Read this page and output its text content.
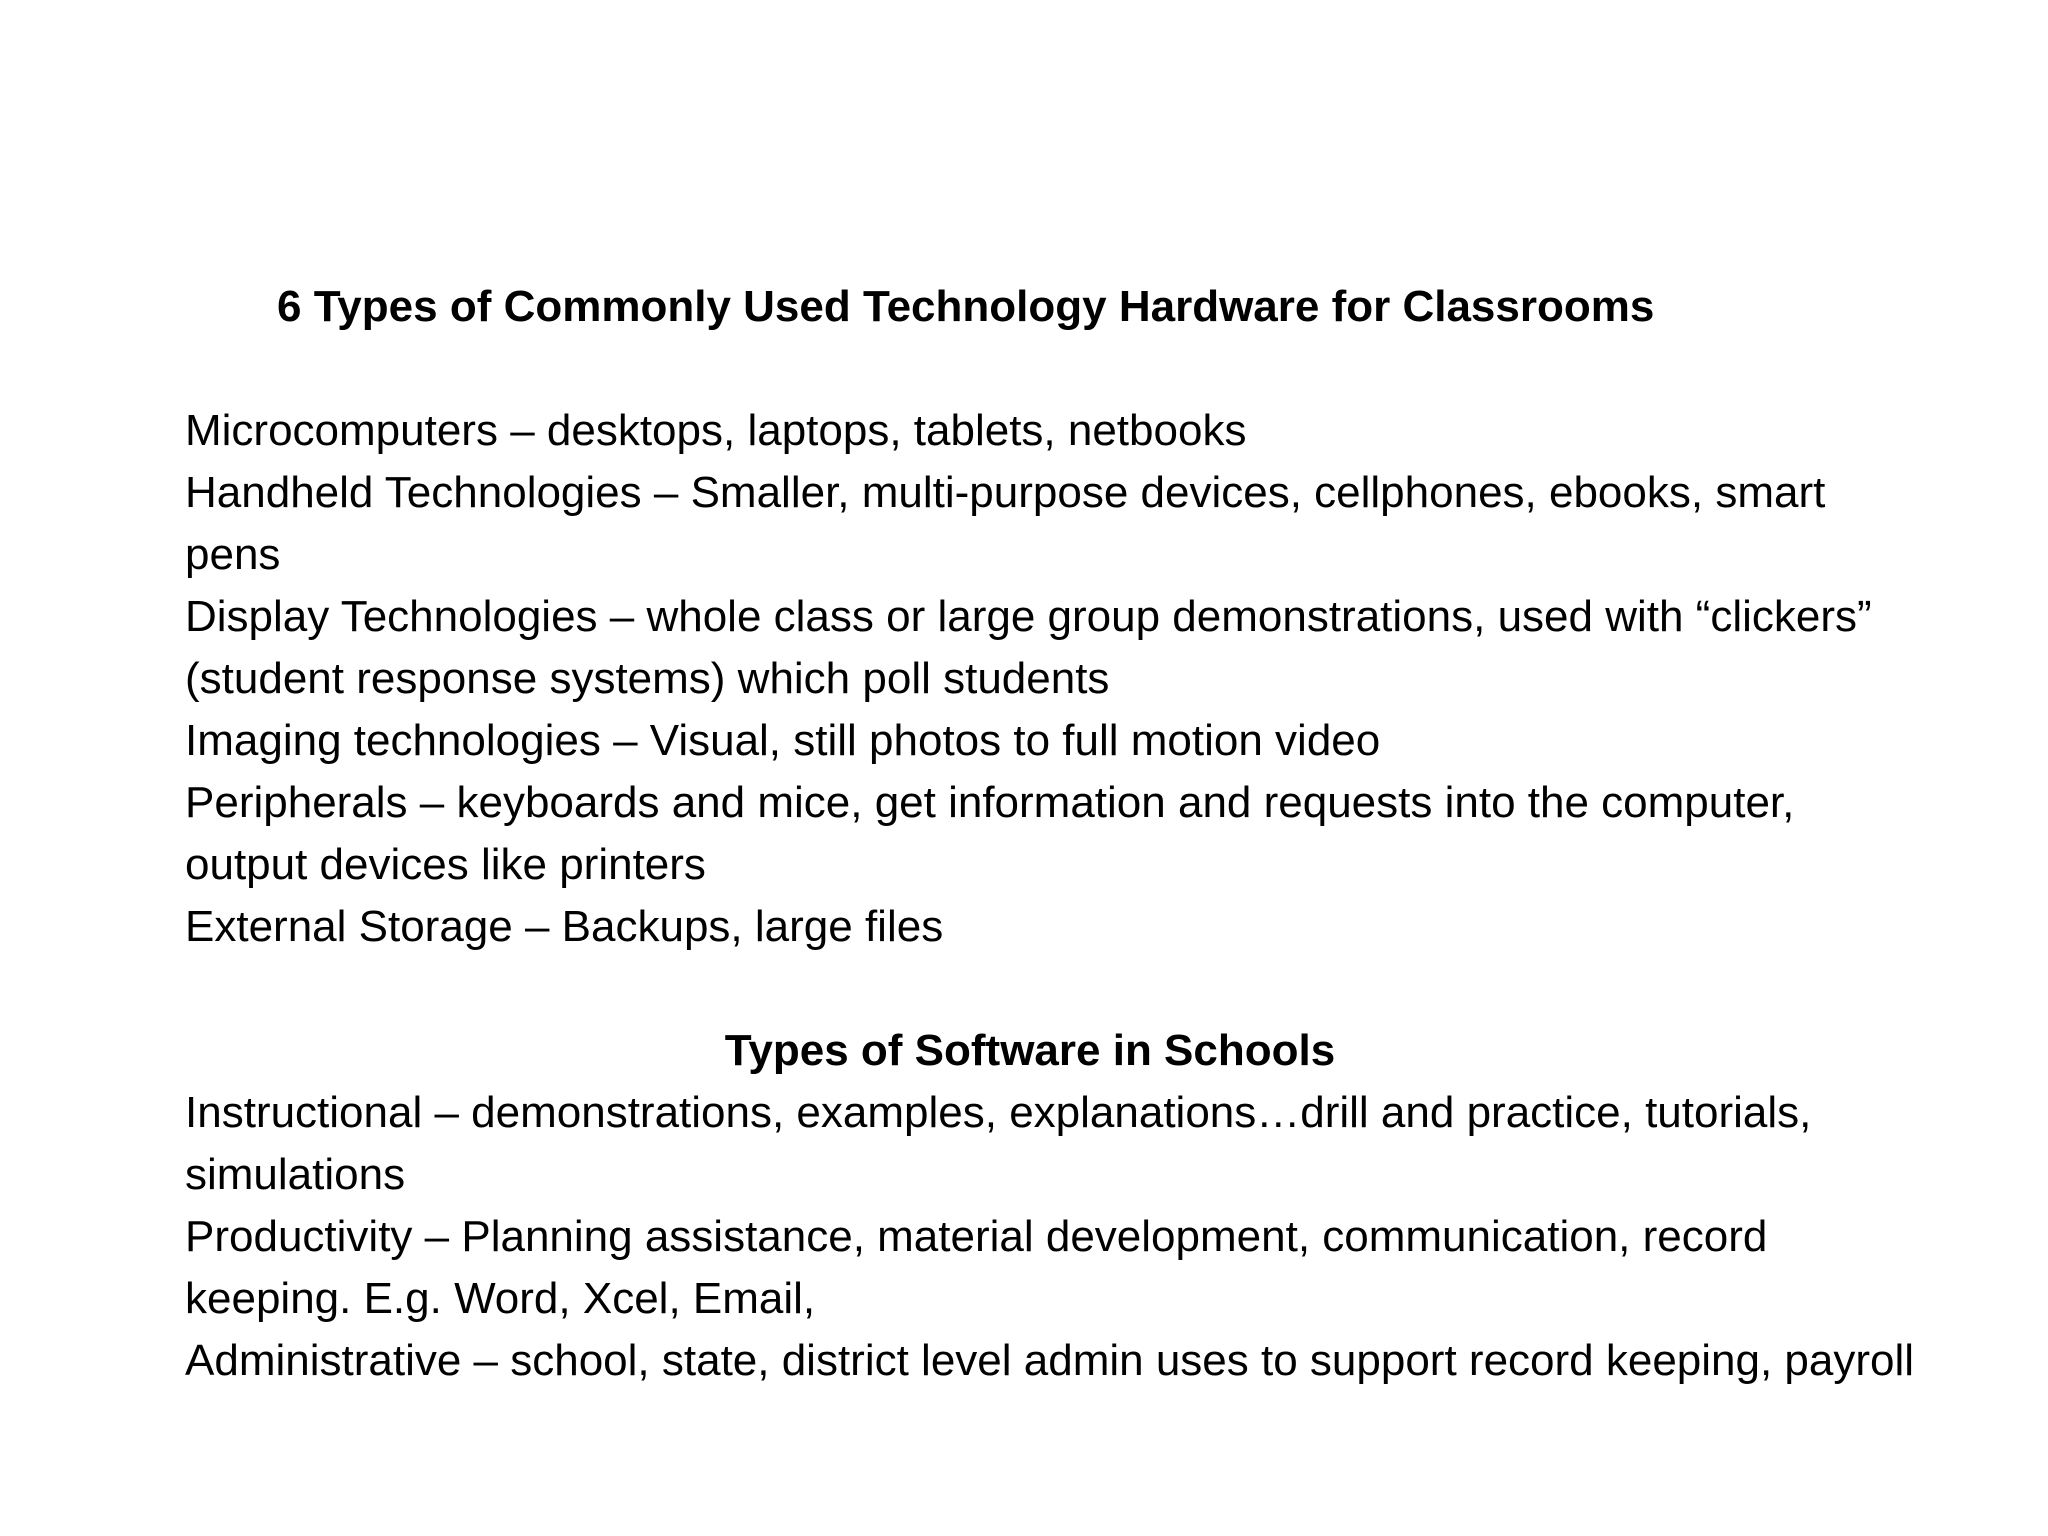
6 Types of Commonly Used Technology Hardware for Classrooms

Microcomputers – desktops, laptops, tablets, netbooks

Handheld Technologies – Smaller, multi-purpose devices, cellphones, ebooks, smart pens

Display Technologies – whole class or large group demonstrations, used with “clickers” (student response systems) which poll students

Imaging technologies – Visual, still photos to full motion video

Peripherals – keyboards and mice, get information and requests into the computer, output devices like printers

External Storage – Backups, large files

Types of Software in Schools

Instructional – demonstrations, examples, explanations…drill and practice, tutorials, simulations

Productivity – Planning assistance, material development, communication, record keeping. E.g. Word, Xcel, Email,

Administrative – school, state, district level admin uses to support record keeping, payroll
